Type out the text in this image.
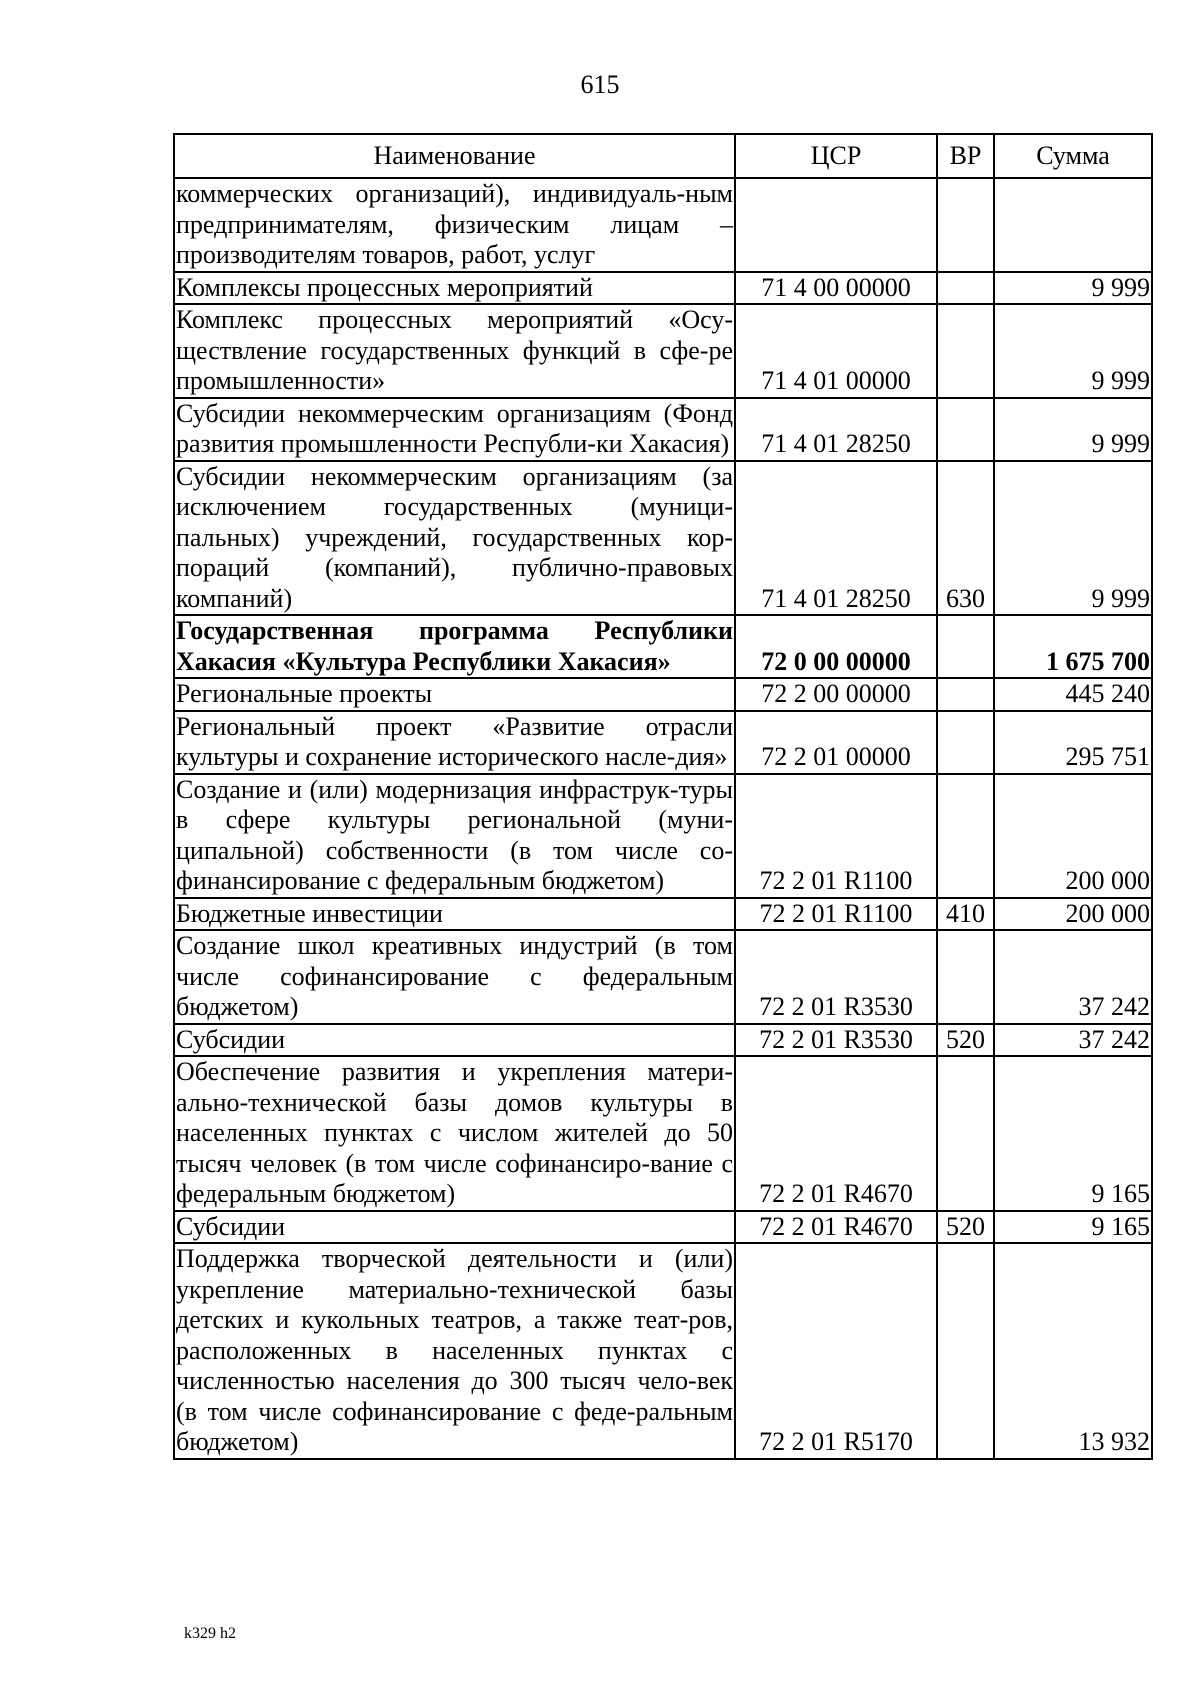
615
Наименование	ЦСР	ВР	Сумма
коммерческих организаций), индивидуаль-ным предпринимателям, физическим лицам – производителям товаров, работ, услуг			
Комплексы процессных мероприятий	71 4 00 00000		9 999
Комплекс процессных мероприятий «Осу-ществление государственных функций в сфе-ре промышленности»	71 4 01 00000		9 999
Субсидии некоммерческим организациям (Фонд развития промышленности Республи-ки Хакасия)	71 4 01 28250		9 999
Субсидии некоммерческим организациям (за исключением государственных (муници-пальных) учреждений, государственных кор-пораций (компаний), публично-правовых компаний)	71 4 01 28250	630	9 999
Государственная программа Республики Хакасия «Культура Республики Хакасия»	72 0 00 00000		1 675 700
Региональные проекты	72 2 00 00000		445 240
Региональный проект «Развитие отрасли культуры и сохранение исторического насле-дия»	72 2 01 00000		295 751
Создание и (или) модернизация инфраструк-туры в сфере культуры региональной (муни-ципальной) собственности (в том числе со-финансирование с федеральным бюджетом)	72 2 01 R1100		200 000
Бюджетные инвестиции	72 2 01 R1100	410	200 000
Создание школ креативных индустрий (в том числе софинансирование с федеральным бюджетом)	72 2 01 R3530		37 242
Субсидии	72 2 01 R3530	520	37 242
Обеспечение развития и укрепления матери-ально-технической базы домов культуры в населенных пунктах с числом жителей до 50 тысяч человек (в том числе софинансиро-вание с федеральным бюджетом)	72 2 01 R4670		9 165
Субсидии	72 2 01 R4670	520	9 165
Поддержка творческой деятельности и (или) укрепление материально-технической базы детских и кукольных театров, а также теат-ров, расположенных в населенных пунктах с численностью населения до 300 тысяч чело-век (в том числе софинансирование с феде-ральным бюджетом)	72 2 01 R5170		13 932
k329 h2
